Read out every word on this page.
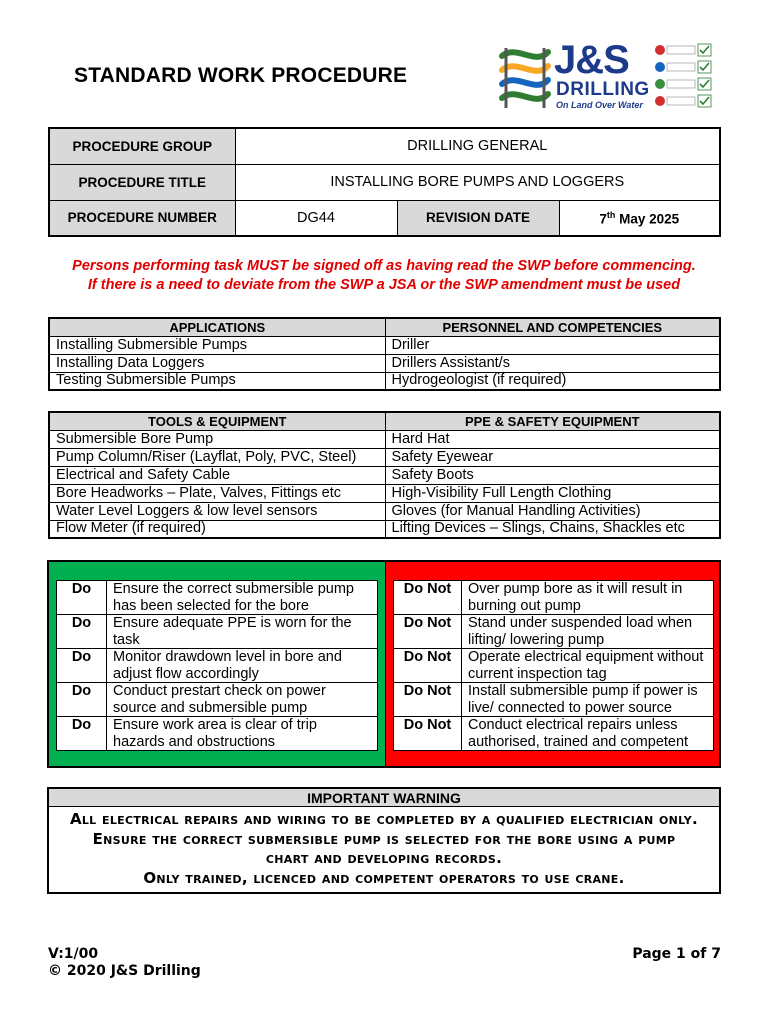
STANDARD WORK PROCEDURE	J&S
DRILLING
On Land Over Water
PROCEDURE GROUP	DRILLING GENERAL		
PROCEDURE TITLE	INSTALLING BORE PUMPS AND LOGGERS		
PROCEDURE NUMBER	DG44	REVISION DATE	7th May 2025
Persons performing task MUST be signed off as having read the SWP before commencing.
If there is a need to deviate from the SWP a JSA or the SWP amendment must be used
APPLICATIONS	PERSONNEL AND COMPETENCIES
Installing Submersible Pumps	Driller
Installing Data Loggers	Drillers Assistant/s
Testing Submersible Pumps	Hydrogeologist (if required)
TOOLS & EQUIPMENT	PPE & SAFETY EQUIPMENT
Submersible Bore Pump	Hard Hat
Pump Column/Riser (Layflat, Poly, PVC, Steel)	Safety Eyewear
Electrical and Safety Cable	Safety Boots
Bore Headworks – Plate, Valves, Fittings etc	High-Visibility Full Length Clothing
Water Level Loggers & low level sensors	Gloves (for Manual Handling Activities)
Flow Meter (if required)	Lifting Devices – Slings, Chains, Shackles etc
Do	Ensure the correct submersible pump has been selected for the bore
Do	Ensure adequate PPE is worn for the task
Do	Monitor drawdown level in bore and adjust flow accordingly
Do	Conduct prestart check on power source and submersible pump
Do	Ensure work area is clear of trip hazards and obstructions
Do Not	Over pump bore as it will result in burning out pump
Do Not	Stand under suspended load when lifting/ lowering pump
Do Not	Operate electrical equipment without current inspection tag
Do Not	Install submersible pump if power is live/ connected to power source
Do Not	Conduct electrical repairs unless authorised, trained and competent
IMPORTANT WARNING
All electrical repairs and wiring to be completed by a qualified electrician only.
Ensure the correct submersible pump is selected for the bore using a pump chart and developing records.
Only trained, licenced and competent operators to use crane.
V:1/00
© 2020 J&S Drilling
Page 1 of 7
